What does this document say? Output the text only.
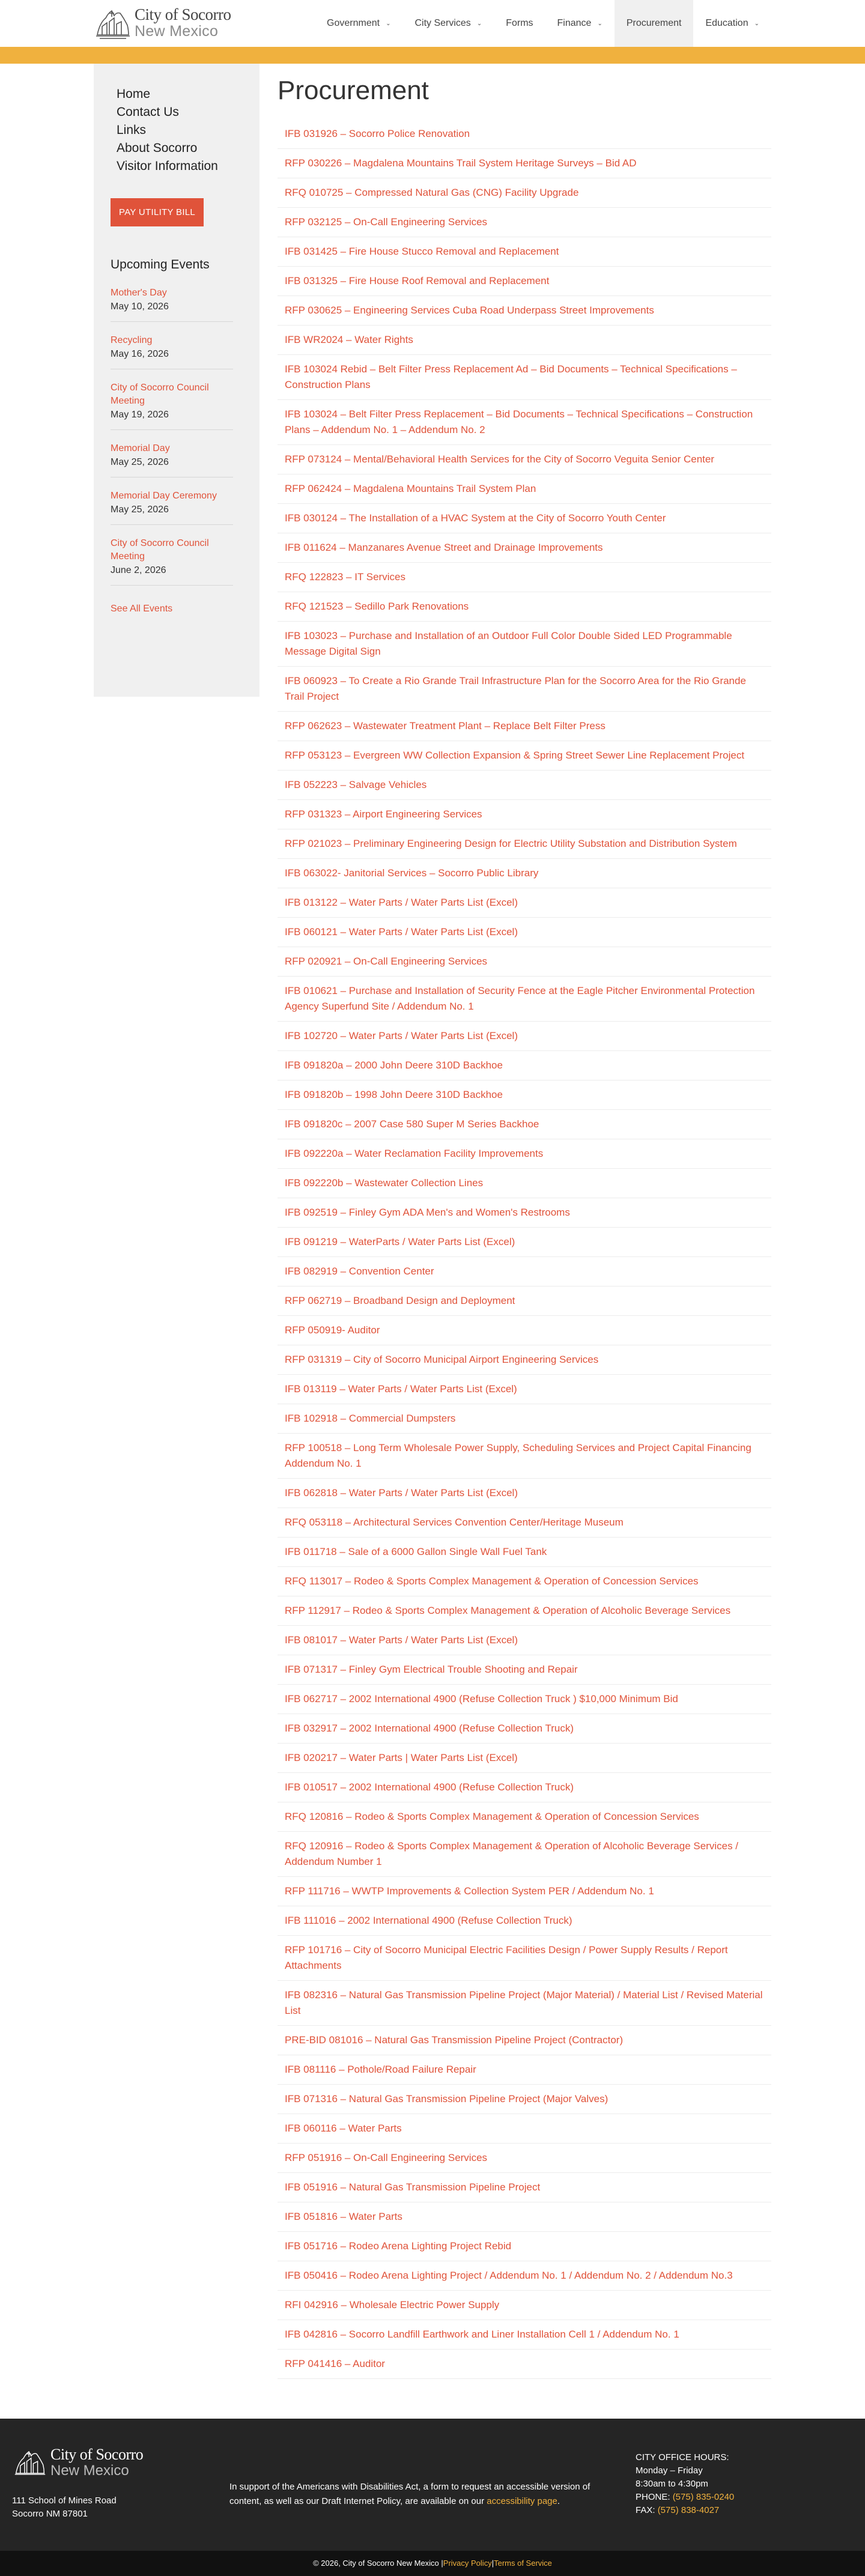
City of Socorro
New Mexico	Government ⌄	City Services ⌄	Forms	Finance ⌄	Procurement	Education ⌄
Home
Contact Us
Links
About Socorro
Visitor Information
PAY UTILITY BILL
Upcoming Events
Mother's Day
May 10, 2026
Recycling
May 16, 2026
City of Socorro Council Meeting
May 19, 2026
Memorial Day
May 25, 2026
Memorial Day Ceremony
May 25, 2026
City of Socorro Council Meeting
June 2, 2026
See All Events
Procurement
IFB 031926 – Socorro Police Renovation
RFP 030226 – Magdalena Mountains Trail System Heritage Surveys – Bid AD
RFQ 010725 – Compressed Natural Gas (CNG) Facility Upgrade
RFP 032125 – On-Call Engineering Services
IFB 031425 – Fire House Stucco Removal and Replacement
IFB 031325 – Fire House Roof Removal and Replacement
RFP 030625 – Engineering Services Cuba Road Underpass Street Improvements
IFB WR2024 – Water Rights
IFB 103024 Rebid – Belt Filter Press Replacement Ad – Bid Documents – Technical Specifications – Construction Plans
IFB 103024 – Belt Filter Press Replacement – Bid Documents – Technical Specifications – Construction Plans – Addendum No. 1 – Addendum No. 2
RFP 073124 – Mental/Behavioral Health Services for the City of Socorro Veguita Senior Center
RFP 062424 – Magdalena Mountains Trail System Plan
IFB 030124 – The Installation of a HVAC System at the City of Socorro Youth Center
IFB 011624 – Manzanares Avenue Street and Drainage Improvements
RFQ 122823 – IT Services
RFQ 121523 – Sedillo Park Renovations
IFB 103023 – Purchase and Installation of an Outdoor Full Color Double Sided LED Programmable Message Digital Sign
IFB 060923 – To Create a Rio Grande Trail Infrastructure Plan for the Socorro Area for the Rio Grande Trail Project
RFP 062623 – Wastewater Treatment Plant – Replace Belt Filter Press
RFP 053123 – Evergreen WW Collection Expansion & Spring Street Sewer Line Replacement Project
IFB 052223 – Salvage Vehicles
RFP 031323 – Airport Engineering Services
RFP 021023 – Preliminary Engineering Design for Electric Utility Substation and Distribution System
IFB 063022- Janitorial Services – Socorro Public Library
IFB 013122 – Water Parts / Water Parts List (Excel)
IFB 060121 – Water Parts / Water Parts List (Excel)
RFP 020921 – On-Call Engineering Services
IFB 010621 – Purchase and Installation of Security Fence at the Eagle Pitcher Environmental Protection Agency Superfund Site / Addendum No. 1
IFB 102720 – Water Parts / Water Parts List (Excel)
IFB 091820a – 2000 John Deere 310D Backhoe
IFB 091820b – 1998 John Deere 310D Backhoe
IFB 091820c – 2007 Case 580 Super M Series Backhoe
IFB 092220a – Water Reclamation Facility Improvements
IFB 092220b – Wastewater Collection Lines
IFB 092519 – Finley Gym ADA Men's and Women's Restrooms
IFB 091219 – WaterParts / Water Parts List (Excel)
IFB 082919 – Convention Center
RFP 062719 – Broadband Design and Deployment
RFP 050919- Auditor
RFP 031319 – City of Socorro Municipal Airport Engineering Services
IFB 013119 – Water Parts / Water Parts List (Excel)
IFB 102918 – Commercial Dumpsters
RFP 100518 – Long Term Wholesale Power Supply, Scheduling Services and Project Capital Financing Addendum No. 1
IFB 062818 – Water Parts / Water Parts List (Excel)
RFQ 053118 – Architectural Services Convention Center/Heritage Museum
IFB 011718 – Sale of a 6000 Gallon Single Wall Fuel Tank
RFQ 113017 – Rodeo & Sports Complex Management & Operation of Concession Services
RFP 112917 – Rodeo & Sports Complex Management & Operation of Alcoholic Beverage Services
IFB 081017 – Water Parts / Water Parts List (Excel)
IFB 071317 – Finley Gym Electrical Trouble Shooting and Repair
IFB 062717 – 2002 International 4900 (Refuse Collection Truck ) $10,000 Minimum Bid
IFB 032917 – 2002 International 4900 (Refuse Collection Truck)
IFB 020217 – Water Parts | Water Parts List (Excel)
IFB 010517 – 2002 International 4900 (Refuse Collection Truck)
RFQ 120816 – Rodeo & Sports Complex Management & Operation of Concession Services
RFQ 120916 – Rodeo & Sports Complex Management & Operation of Alcoholic Beverage Services / Addendum Number 1
RFP 111716 – WWTP Improvements & Collection System PER / Addendum No. 1
IFB 111016 – 2002 International 4900 (Refuse Collection Truck)
RFP 101716 – City of Socorro Municipal Electric Facilities Design / Power Supply Results / Report Attachments
IFB 082316 – Natural Gas Transmission Pipeline Project (Major Material) / Material List / Revised Material List
PRE-BID 081016 – Natural Gas Transmission Pipeline Project (Contractor)
IFB 081116 – Pothole/Road Failure Repair
IFB 071316 – Natural Gas Transmission Pipeline Project (Major Valves)
IFB 060116 – Water Parts
RFP 051916 – On-Call Engineering Services
IFB 051916 – Natural Gas Transmission Pipeline Project
IFB 051816 – Water Parts
IFB 051716 – Rodeo Arena Lighting Project Rebid
IFB 050416 – Rodeo Arena Lighting Project / Addendum No. 1 / Addendum No. 2 / Addendum No.3
RFI 042916 – Wholesale Electric Power Supply
IFB 042816 – Socorro Landfill Earthwork and Liner Installation Cell 1 / Addendum No. 1
RFP 041416 – Auditor
City of Socorro
New Mexico
111 School of Mines Road
Socorro NM 87801
In support of the Americans with Disabilities Act, a form to request an accessible version of content, as well as our Draft Internet Policy, are available on our accessibility page.
CITY OFFICE HOURS:
Monday – Friday
8:30am to 4:30pm
PHONE: (575) 835-0240
FAX: (575) 838-4027
© 2026, City of Socorro New Mexico | Privacy Policy | Terms of Service
